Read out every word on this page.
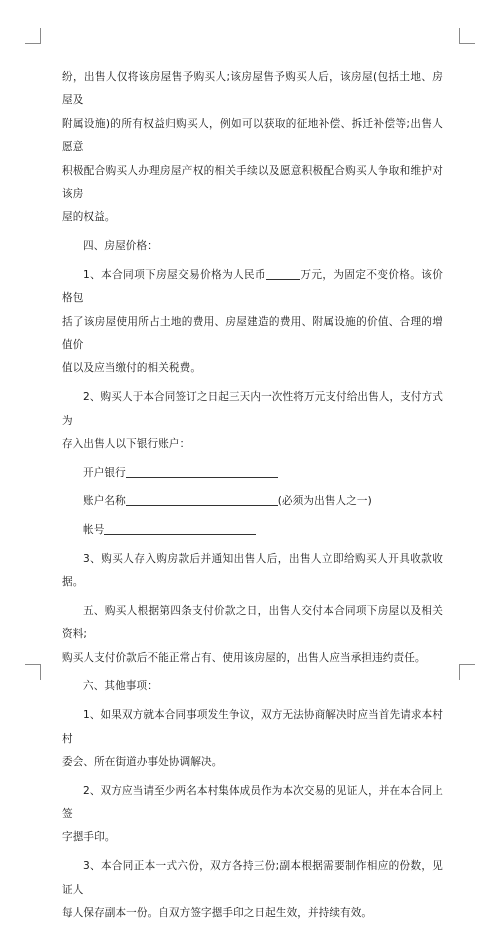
纷，出售人仅将该房屋售予购买人;该房屋售予购买人后，该房屋(包括土地、房屋及
附属设施)的所有权益归购买人，例如可以获取的征地补偿、拆迁补偿等;出售人愿意
积极配合购买人办理房屋产权的相关手续以及愿意积极配合购买人争取和维护对该房
屋的权益。
四、房屋价格：
1、本合同项下房屋交易价格为人民币	万元，为固定不变价格。该价格包
括了该房屋使用所占土地的费用、房屋建造的费用、附属设施的价值、合理的增值价
值以及应当缴付的相关税费。
2、购买人于本合同签订之日起三天内一次性将万元支付给出售人，支付方式为
存入出售人以下银行账户：
开户银行
账户名称	(必须为出售人之一)
帐号
3、购买人存入购房款后并通知出售人后，出售人立即给购买人开具收款收据。
五、购买人根据第四条支付价款之日，出售人交付本合同项下房屋以及相关资料;
购买人支付价款后不能正常占有、使用该房屋的，出售人应当承担违约责任。
六、其他事项：
1、如果双方就本合同事项发生争议，双方无法协商解决时应当首先请求本村村
委会、所在街道办事处协调解决。
2、双方应当请至少两名本村集体成员作为本次交易的见证人，并在本合同上签
字摁手印。
3、本合同正本一式六份，双方各持三份;副本根据需要制作相应的份数，见证人
每人保存副本一份。自双方签字摁手印之日起生效，并持续有效。
